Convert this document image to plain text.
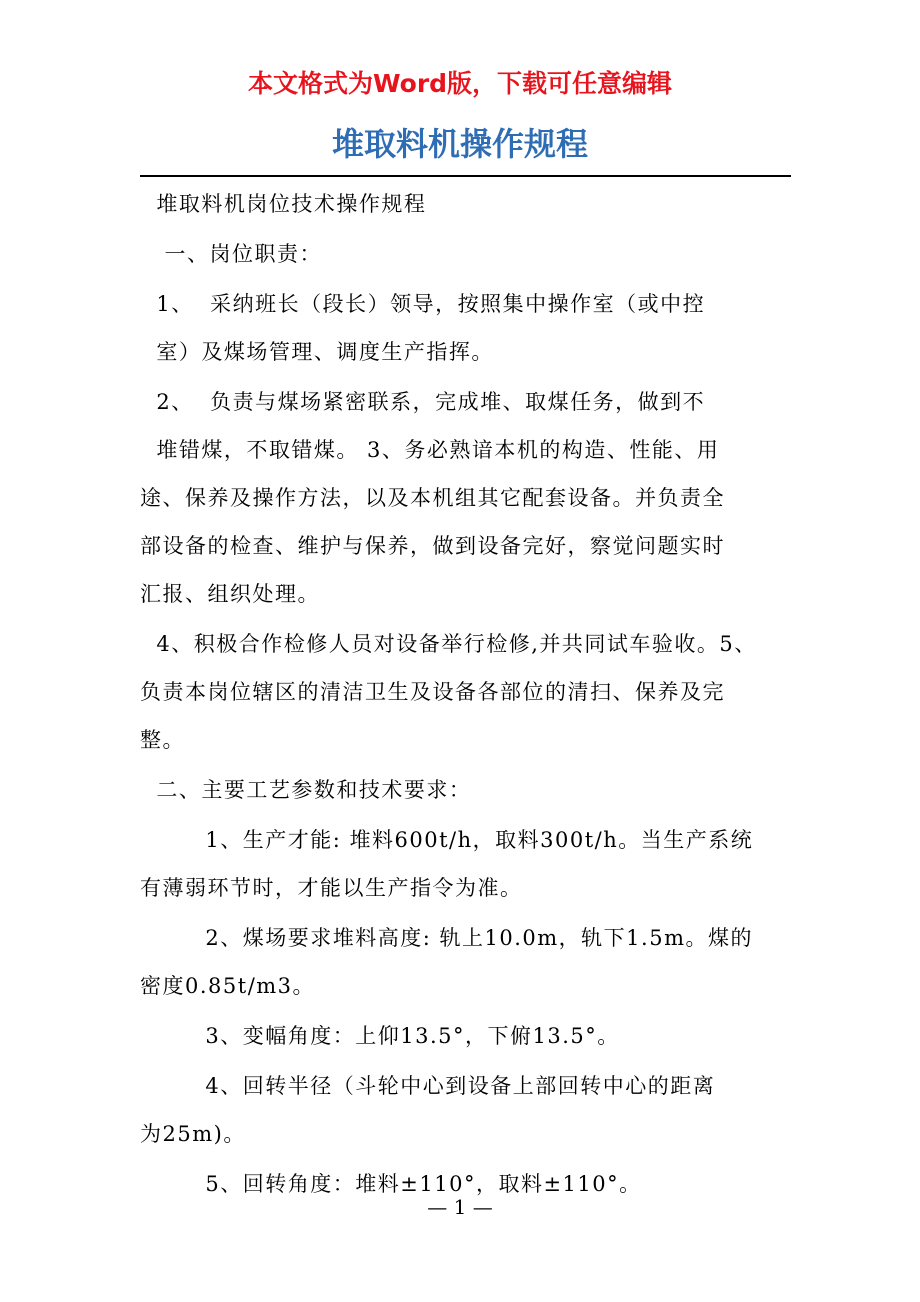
本文格式为Word版，下载可任意编辑
堆取料机操作规程

堆取料机岗位技术操作规程

一、岗位职责：

1、  采纳班长（段长）领导，按照集中操作室（或中控

室）及煤场管理、调度生产指挥。

2、  负责与煤场紧密联系，完成堆、取煤任务，做到不

堆错煤，不取错煤。 3、务必熟谙本机的构造、性能、用

途、保养及操作方法，以及本机组其它配套设备。并负责全

部设备的检查、维护与保养，做到设备完好，察觉问题实时

汇报、组织处理。

4、积极合作检修人员对设备举行检修,并共同试车验收。5、

负责本岗位辖区的清洁卫生及设备各部位的清扫、保养及完

整。

二、主要工艺参数和技术要求：

1、生产才能: 堆料600t/h，取料300t/h。当生产系统

有薄弱环节时，才能以生产指令为准。

2、煤场要求堆料高度: 轨上10.0m，轨下1.5m。煤的

密度0.85t/m3。

3、变幅角度：上仰13.5°，下俯13.5°。

4、回转半径（斗轮中心到设备上部回转中心的距离

为25m)。

5、回转角度：堆料±110°，取料±110°。

— 1 —
